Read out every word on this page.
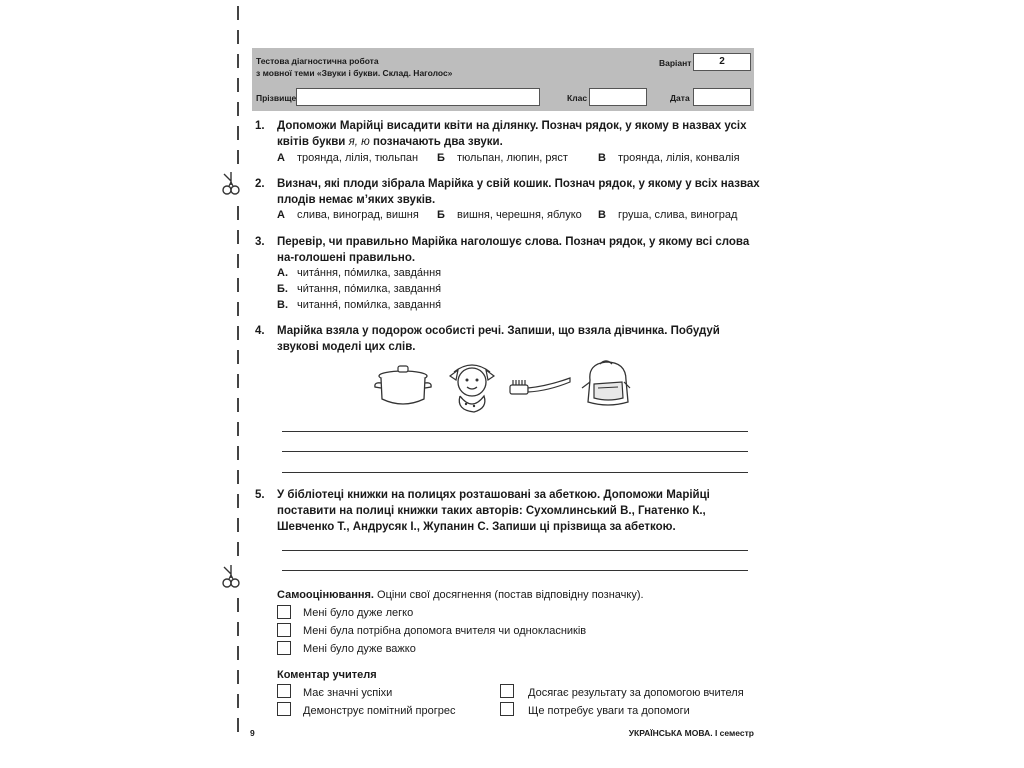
Тестова діагностична робота
з мовної теми «Звуки і букви. Склад. Наголос»
Варіант	2
Прізвище	Клас	Дата
1. Допоможи Марійці висадити квіти на ділянку. Познач рядок, у якому в назвах усіх квітів букви я, ю позначають два звуки.
А троянда, лілія, тюльпан Б тюльпан, люпин, ряст	В троянда, лілія, конвалія
2. Визнач, які плоди зібрала Марійка у свій кошик. Познач рядок, у якому у всіх назвах плодів немає м’яких звуків.
А слива, виноград, вишня Б вишня, черешня, яблуко В груша, слива, виноград
3. Перевір, чи правильно Марійка наголошує слова. Познач рядок, у якому всі слова на-голошені правильно.
А. чита́ння, по́милка, завда́ння
Б. чи́тання, по́милка, завдання́
В. читання́, поми́лка, завдання́
4. Марійка взяла у подорож особисті речі. Запиши, що взяла дівчинка. Побудуй звукові моделі цих слів.
5. У бібліотеці книжки на полицях розташовані за абеткою. Допоможи Марійці поставити на полиці книжки таких авторів: Сухомлинський В., Гнатенко К., Шевченко Т., Андрусяк І., Жупанин С. Запиши ці прізвища за абеткою.
Самооцінювання. Оціни свої досягнення (постав відповідну позначку).
Мені було дуже легко
Мені була потрібна допомога вчителя чи однокласників
Мені було дуже важко
Коментар учителя
Має значні успіхи	Досягає результату за допомогою вчителя
Демонструє помітний прогрес	Ще потребує уваги та допомоги
9	УКРАЇНСЬКА МОВА. І семестр
